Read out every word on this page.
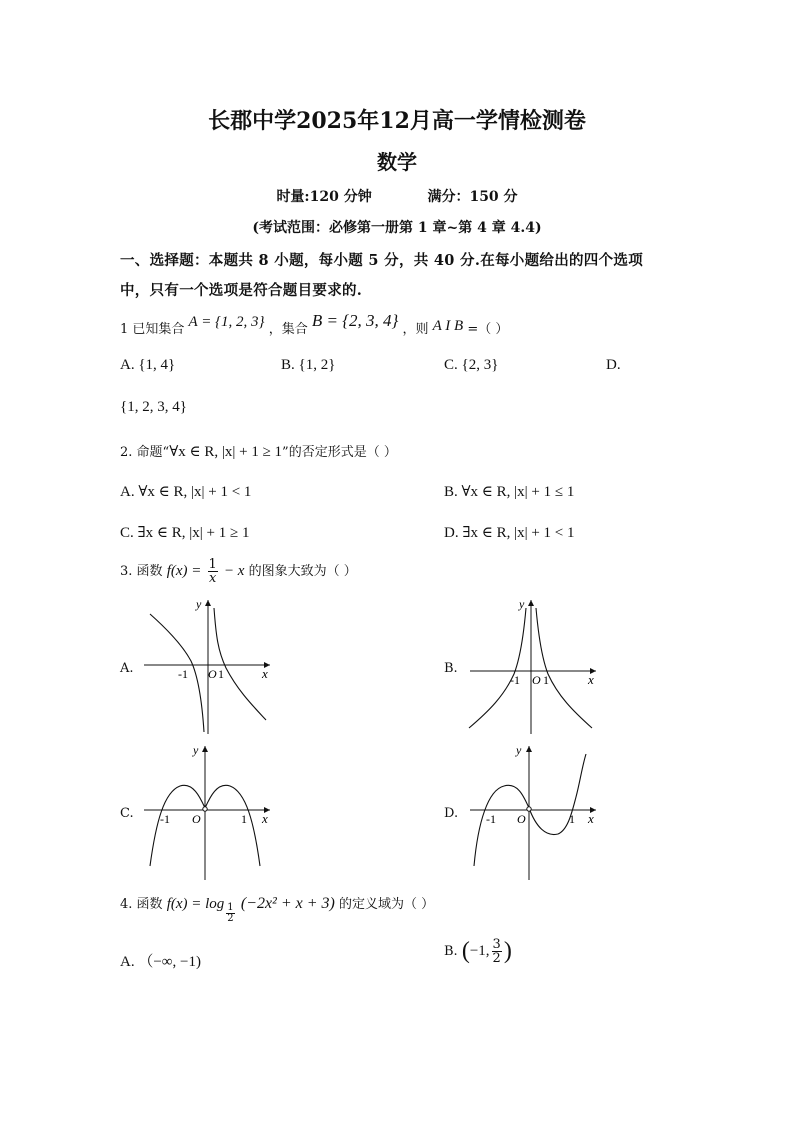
长郡中学2025年12月高一学情检测卷
数学
时量:120 分钟	满分：150 分
(考试范围：必修第一册第 1 章~第 4 章 4.4)
一、选择题：本题共 8 小题，每小题 5 分，共 40 分.在每小题给出的四个选项
中，只有一个选项是符合题目要求的.
1 已知集合 A = {1, 2, 3} ，集合 B = {2, 3, 4} ，则 A I B =（ ）
A. {1, 4}	B. {1, 2}	C. {2, 3}	D.
{1, 2, 3, 4}
2. 命题“∀x ∈ R, |x| + 1 ≥ 1”的否定形式是（ ）
A. ∀x ∈ R, |x| + 1 < 1	B. ∀x ∈ R, |x| + 1 ≤ 1
C. ∃x ∈ R, |x| + 1 ≥ 1	D. ∃x ∈ R, |x| + 1 < 1
3. 函数 $f(x) = \frac{1}{x} - x$ 的图象大致为（ ）
A.	B.
C.	D.
y
x
-1 O 1
y
x
-1 O 1
y
x
-1 O	1
y
x
-1 O	1
4. 函数 $f(x) = \log \frac{1}{2} (-2x^2 + x + 3)$ 的定义域为（ ）
A. （−∞, −1)
B. (−1, $\frac{3}{2}$ )
